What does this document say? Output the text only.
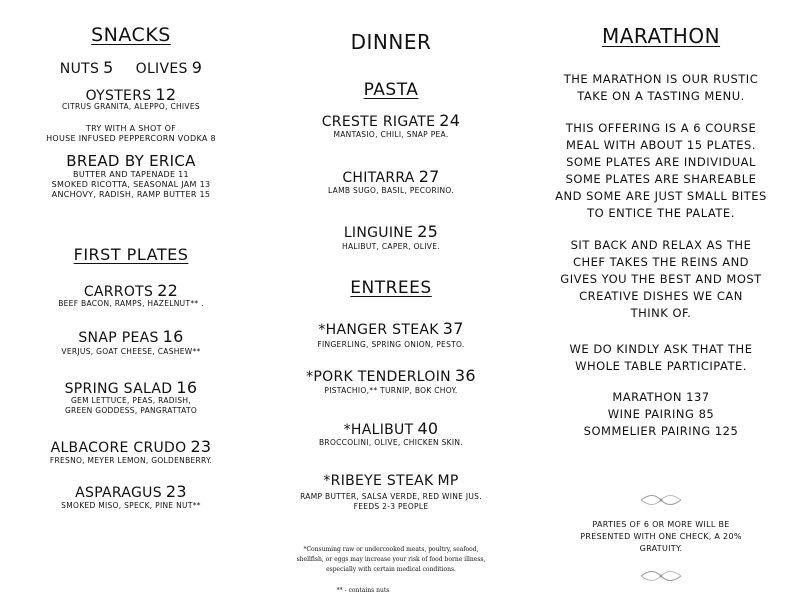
SNACKS
NUTS 5 OLIVES 9
OYSTERS 12
CITRUS GRANITA, ALEPPO, CHIVES
TRY WITH A SHOT OF
HOUSE INFUSED PEPPERCORN VODKA 8
BREAD BY ERICA
BUTTER AND TAPENADE 11
SMOKED RICOTTA, SEASONAL JAM 13
ANCHOVY, RADISH, RAMP BUTTER 15
FIRST PLATES
CARROTS 22
BEEF BACON, RAMPS, HAZELNUT** .
SNAP PEAS 16
VERJUS, GOAT CHEESE, CASHEW**
SPRING SALAD 16
GEM LETTUCE, PEAS, RADISH,
GREEN GODDESS, PANGRATTATO
ALBACORE CRUDO 23
FRESNO, MEYER LEMON, GOLDENBERRY.
ASPARAGUS 23
SMOKED MISO, SPECK, PINE NUT**
DINNER
PASTA
CRESTE RIGATE 24
MANTASIO, CHILI, SNAP PEA.
CHITARRA 27
LAMB SUGO, BASIL, PECORINO.
LINGUINE 25
HALIBUT, CAPER, OLIVE.
ENTREES
*HANGER STEAK 37
FINGERLING, SPRING ONION, PESTO.
*PORK TENDERLOIN 36
PISTACHIO,** TURNIP, BOK CHOY.
*HALIBUT 40
BROCCOLINI, OLIVE, CHICKEN SKIN.
*RIBEYE STEAK MP
RAMP BUTTER, SALSA VERDE, RED WINE JUS.
FEEDS 2-3 PEOPLE
*Consuming raw or undercooked meats, poultry, seafood,
shellfish, or eggs may increase your risk of food borne illness,
especially with certain medical conditions.
** - contains nuts
MARATHON
THE MARATHON IS OUR RUSTIC
TAKE ON A TASTING MENU.
THIS OFFERING IS A 6 COURSE
MEAL WITH ABOUT 15 PLATES.
SOME PLATES ARE INDIVIDUAL
SOME PLATES ARE SHAREABLE
AND SOME ARE JUST SMALL BITES
TO ENTICE THE PALATE.
SIT BACK AND RELAX AS THE
CHEF TAKES THE REINS AND
GIVES YOU THE BEST AND MOST
CREATIVE DISHES WE CAN
THINK OF.
WE DO KINDLY ASK THAT THE
WHOLE TABLE PARTICIPATE.
MARATHON 137
WINE PAIRING 85
SOMMELIER PAIRING 125
PARTIES OF 6 OR MORE WILL BE
PRESENTED WITH ONE CHECK, A 20%
GRATUITY.
